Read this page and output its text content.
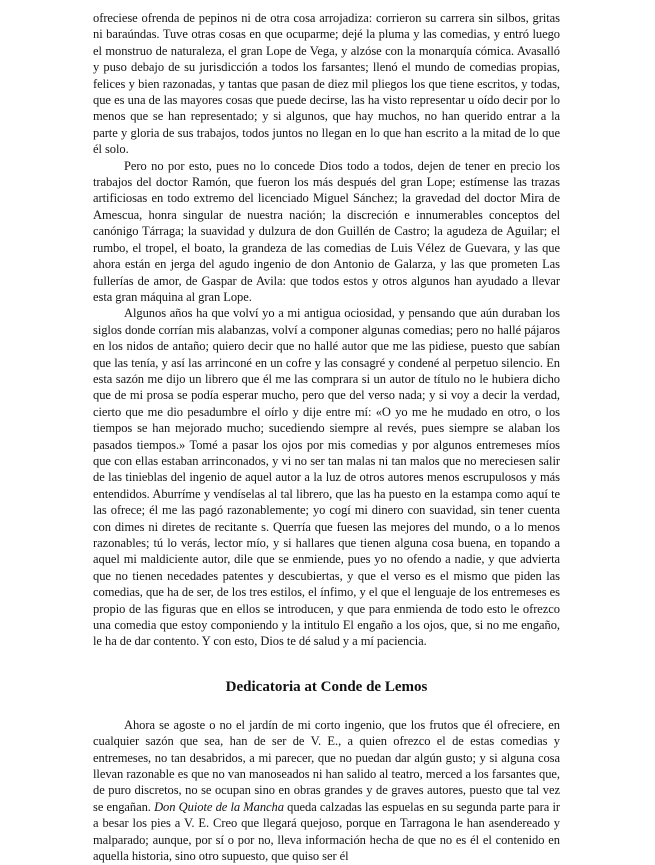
ofreciese ofrenda de pepinos ni de otra cosa arrojadiza: corrieron su carrera sin silbos, gritas ni baraúndas. Tuve otras cosas en que ocuparme; dejé la pluma y las comedias, y entró luego el monstruo de naturaleza, el gran Lope de Vega, y alzóse con la monarquía cómica. Avasalló y puso debajo de su jurisdicción a todos los farsantes; llenó el mundo de comedias propias, felices y bien razonadas, y tantas que pasan de diez mil pliegos los que tiene escritos, y todas, que es una de las mayores cosas que puede decirse, las ha visto representar u oído decir por lo menos que se han representado; y si algunos, que hay muchos, no han querido entrar a la parte y gloria de sus trabajos, todos juntos no llegan en lo que han escrito a la mitad de lo que él solo.

Pero no por esto, pues no lo concede Dios todo a todos, dejen de tener en precio los trabajos del doctor Ramón, que fueron los más después del gran Lope; estímense las trazas artificiosas en todo extremo del licenciado Miguel Sánchez; la gravedad del doctor Mira de Amescua, honra singular de nuestra nación; la discreción e innumerables conceptos del canónigo Tárraga; la suavidad y dulzura de don Guillén de Castro; la agudeza de Aguilar; el rumbo, el tropel, el boato, la grandeza de las comedias de Luis Vélez de Guevara, y las que ahora están en jerga del agudo ingenio de don Antonio de Galarza, y las que prometen Las fullerías de amor, de Gaspar de Avila: que todos estos y otros algunos han ayudado a llevar esta gran máquina al gran Lope.

Algunos años ha que volví yo a mi antigua ociosidad, y pensando que aún duraban los siglos donde corrían mis alabanzas, volví a componer algunas comedias; pero no hallé pájaros en los nidos de antaño; quiero decir que no hallé autor que me las pidiese, puesto que sabían que las tenía, y así las arrinconé en un cofre y las consagré y condené al perpetuo silencio. En esta sazón me dijo un librero que él me las comprara si un autor de título no le hubiera dicho que de mi prosa se podía esperar mucho, pero que del verso nada; y si voy a decir la verdad, cierto que me dio pesadumbre el oírlo y dije entre mí: «O yo me he mudado en otro, o los tiempos se han mejorado mucho; sucediendo siempre al revés, pues siempre se alaban los pasados tiempos.» Tomé a pasar los ojos por mis comedias y por algunos entremeses míos que con ellas estaban arrinconados, y vi no ser tan malas ni tan malos que no mereciesen salir de las tinieblas del ingenio de aquel autor a la luz de otros autores menos escrupulosos y más entendidos. Aburríme y vendíselas al tal librero, que las ha puesto en la estampa como aquí te las ofrece; él me las pagó razonablemente; yo cogí mi dinero con suavidad, sin tener cuenta con dimes ni diretes de recitante s. Querría que fuesen las mejores del mundo, o a lo menos razonables; tú lo verás, lector mío, y si hallares que tienen alguna cosa buena, en topando a aquel mi maldiciente autor, dile que se enmiende, pues yo no ofendo a nadie, y que advierta que no tienen necedades patentes y descubiertas, y que el verso es el mismo que piden las comedias, que ha de ser, de los tres estilos, el ínfimo, y el que el lenguaje de los entremeses es propio de las figuras que en ellos se introducen, y que para enmienda de todo esto le ofrezco una comedia que estoy componiendo y la intitulo El engaño a los ojos, que, si no me engaño, le ha de dar contento. Y con esto, Dios te dé salud y a mí paciencia.

Dedicatoria at Conde de Lemos

Ahora se agoste o no el jardín de mi corto ingenio, que los frutos que él ofreciere, en cualquier sazón que sea, han de ser de V. E., a quien ofrezco el de estas comedias y entremeses, no tan desabridos, a mi parecer, que no puedan dar algún gusto; y si alguna cosa llevan razonable es que no van manoseados ni han salido al teatro, merced a los farsantes que, de puro discretos, no se ocupan sino en obras grandes y de graves autores, puesto que tal vez se engañan. Don Quiote de la Mancha queda calzadas las espuelas en su segunda parte para ir a besar los pies a V. E. Creo que llegará quejoso, porque en Tarragona le han asendereado y malparado; aunque, por sí o por no, lleva información hecha de que no es él el contenido en aquella historia, sino otro supuesto, que quiso ser él
